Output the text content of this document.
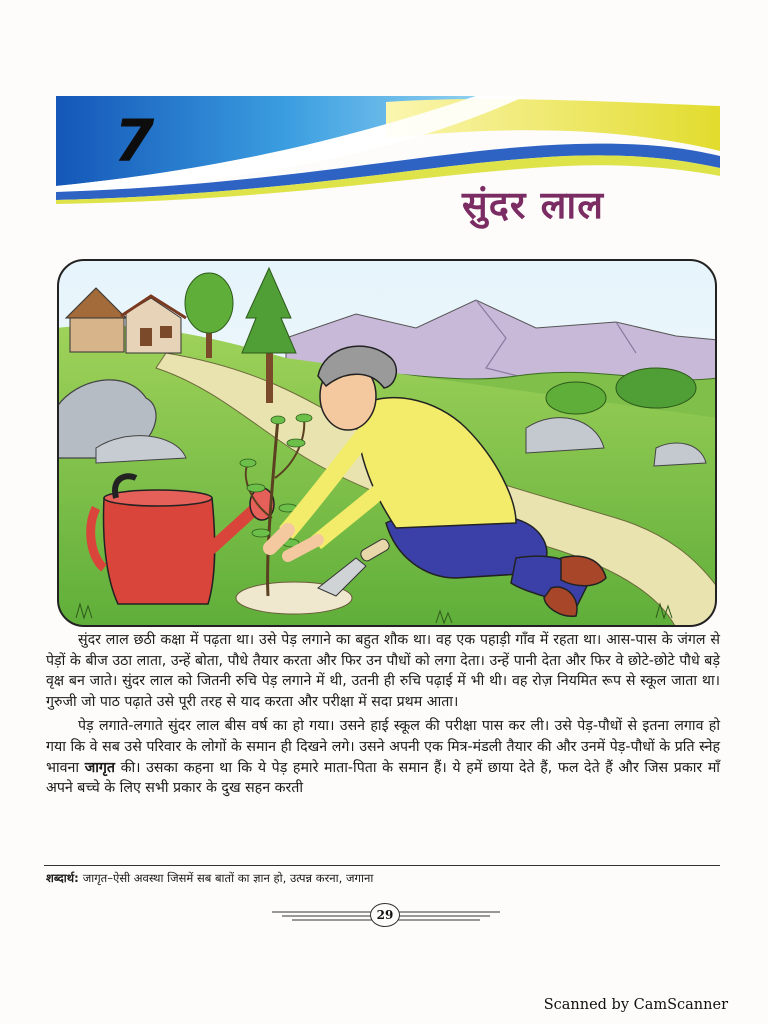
7
सुंदर लाल

सुंदर लाल छठी कक्षा में पढ़ता था। उसे पेड़ लगाने का बहुत शौक था। वह एक पहाड़ी गाँव में रहता था। आस-पास के जंगल से पेड़ों के बीज उठा लाता, उन्हें बोता, पौधे तैयार करता और फिर उन पौधों को लगा देता। उन्हें पानी देता और फिर वे छोटे-छोटे पौधे बड़े वृक्ष बन जाते। सुंदर लाल को जितनी रुचि पेड़ लगाने में थी, उतनी ही रुचि पढ़ाई में भी थी। वह रोज़ नियमित रूप से स्कूल जाता था। गुरुजी जो पाठ पढ़ाते उसे पूरी तरह से याद करता और परीक्षा में सदा प्रथम आता।

पेड़ लगाते-लगाते सुंदर लाल बीस वर्ष का हो गया। उसने हाई स्कूल की परीक्षा पास कर ली। उसे पेड़-पौधों से इतना लगाव हो गया कि वे सब उसे परिवार के लोगों के समान ही दिखने लगे। उसने अपनी एक मित्र-मंडली तैयार की और उनमें पेड़-पौधों के प्रति स्नेह भावना जागृत की। उसका कहना था कि ये पेड़ हमारे माता-पिता के समान हैं। ये हमें छाया देते हैं, फल देते हैं और जिस प्रकार माँ अपने बच्चे के लिए सभी प्रकार के दुख सहन करती

शब्दार्थ: जागृत–ऐसी अवस्था जिसमें सब बातों का ज्ञान हो, उत्पन्न करना, जगाना
29
Scanned by CamScanner
